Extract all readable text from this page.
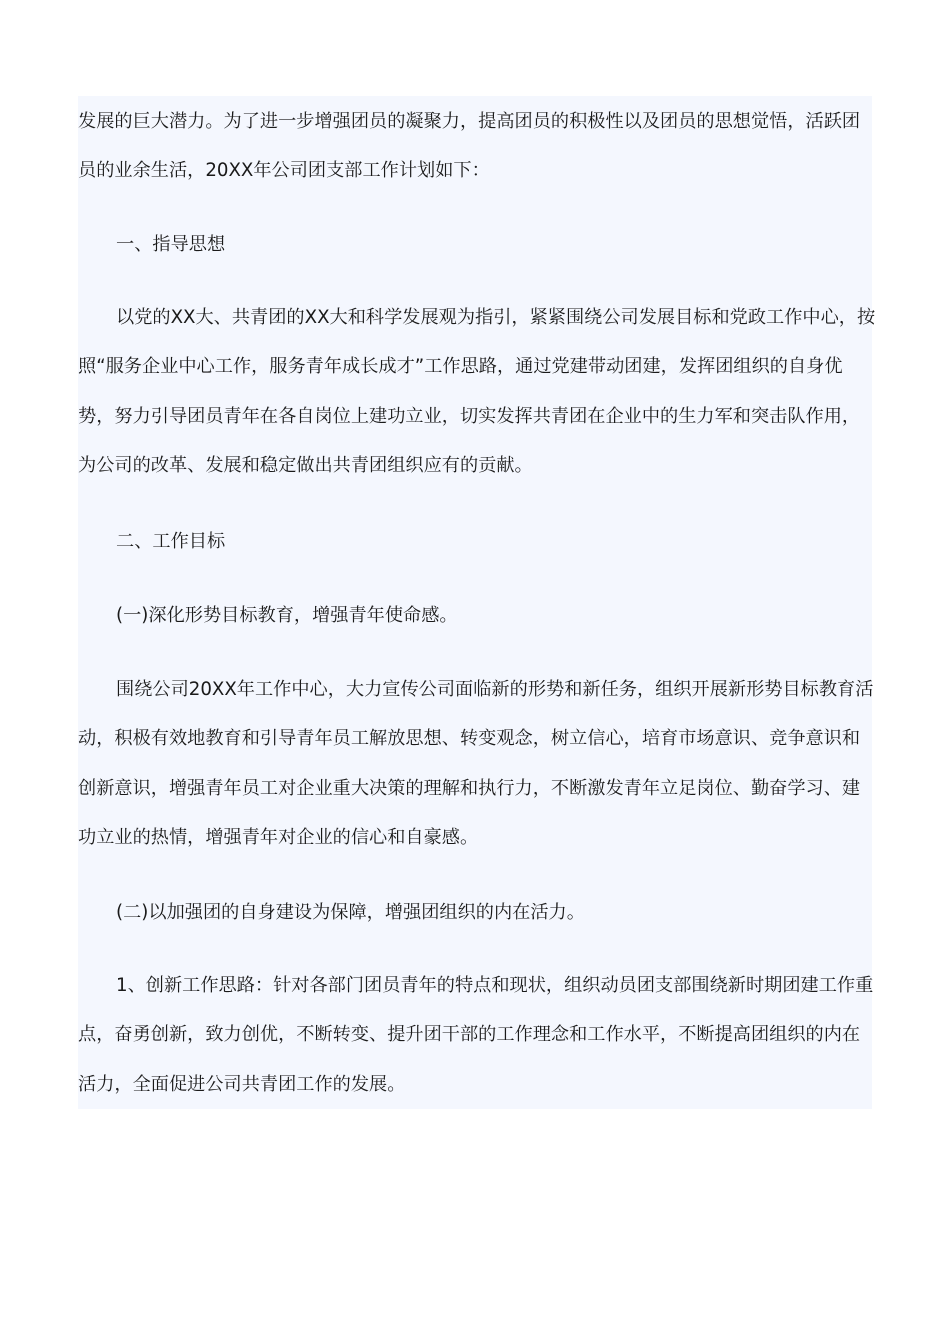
发展的巨大潜力。为了进一步增强团员的凝聚力，提高团员的积极性以及团员的思想觉悟，活跃团员的业余生活，20XX年公司团支部工作计划如下：

一、指导思想

以党的XX大、共青团的XX大和科学发展观为指引，紧紧围绕公司发展目标和党政工作中心，按照“服务企业中心工作，服务青年成长成才”工作思路，通过党建带动团建，发挥团组织的自身优势，努力引导团员青年在各自岗位上建功立业，切实发挥共青团在企业中的生力军和突击队作用，为公司的改革、发展和稳定做出共青团组织应有的贡献。

二、工作目标

(一)深化形势目标教育，增强青年使命感。

围绕公司20XX年工作中心，大力宣传公司面临新的形势和新任务，组织开展新形势目标教育活动，积极有效地教育和引导青年员工解放思想、转变观念，树立信心，培育市场意识、竞争意识和创新意识，增强青年员工对企业重大决策的理解和执行力，不断激发青年立足岗位、勤奋学习、建功立业的热情，增强青年对企业的信心和自豪感。

(二)以加强团的自身建设为保障，增强团组织的内在活力。

1、创新工作思路：针对各部门团员青年的特点和现状，组织动员团支部围绕新时期团建工作重点，奋勇创新，致力创优，不断转变、提升团干部的工作理念和工作水平，不断提高团组织的内在活力，全面促进公司共青团工作的发展。
